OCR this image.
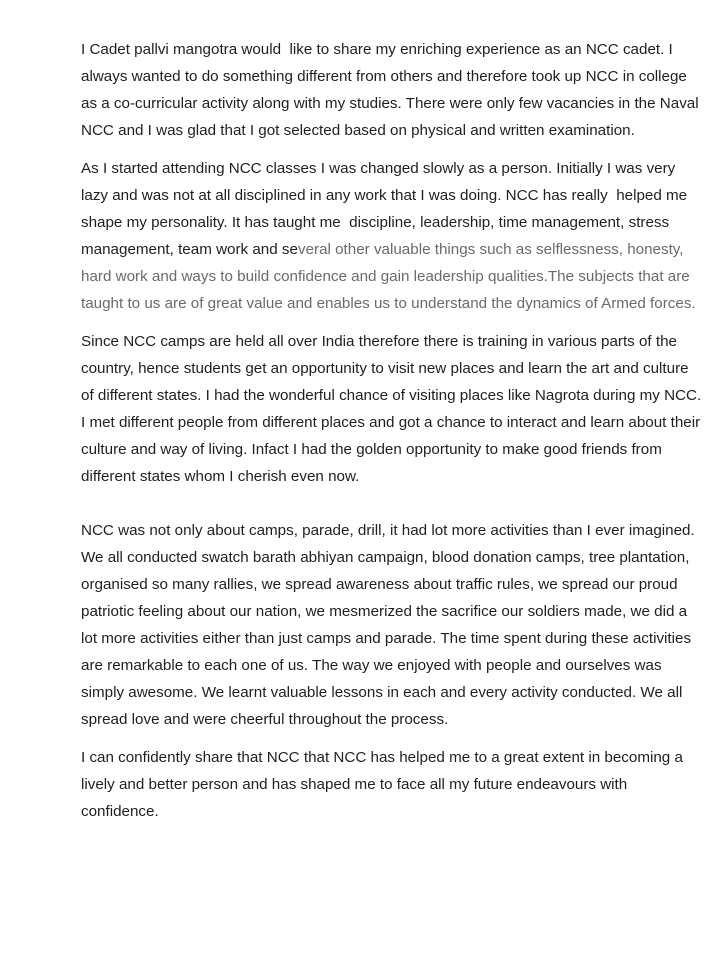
I Cadet pallvi mangotra would  like to share my enriching experience as an NCC cadet. I always wanted to do something different from others and therefore took up NCC in college as a co-curricular activity along with my studies. There were only few vacancies in the Naval NCC and I was glad that I got selected based on physical and written examination.

As I started attending NCC classes I was changed slowly as a person. Initially I was very lazy and was not at all disciplined in any work that I was doing. NCC has really  helped me shape my personality. It has taught me  discipline, leadership, time management, stress management, team work and several other valuable things such as selflessness, honesty, hard work and ways to build confidence and gain leadership qualities.The subjects that are taught to us are of great value and enables us to understand the dynamics of Armed forces.

Since NCC camps are held all over India therefore there is training in various parts of the country, hence students get an opportunity to visit new places and learn the art and culture of different states. I had the wonderful chance of visiting places like Nagrota during my NCC. I met different people from different places and got a chance to interact and learn about their culture and way of living. Infact I had the golden opportunity to make good friends from different states whom I cherish even now.

NCC was not only about camps, parade, drill, it had lot more activities than I ever imagined. We all conducted swatch barath abhiyan campaign, blood donation camps, tree plantation, organised so many rallies, we spread awareness about traffic rules, we spread our proud patriotic feeling about our nation, we mesmerized the sacrifice our soldiers made, we did a lot more activities either than just camps and parade. The time spent during these activities are remarkable to each one of us. The way we enjoyed with people and ourselves was simply awesome. We learnt valuable lessons in each and every activity conducted. We all spread love and were cheerful throughout the process.

I can confidently share that NCC that NCC has helped me to a great extent in becoming a lively and better person and has shaped me to face all my future endeavours with confidence.
